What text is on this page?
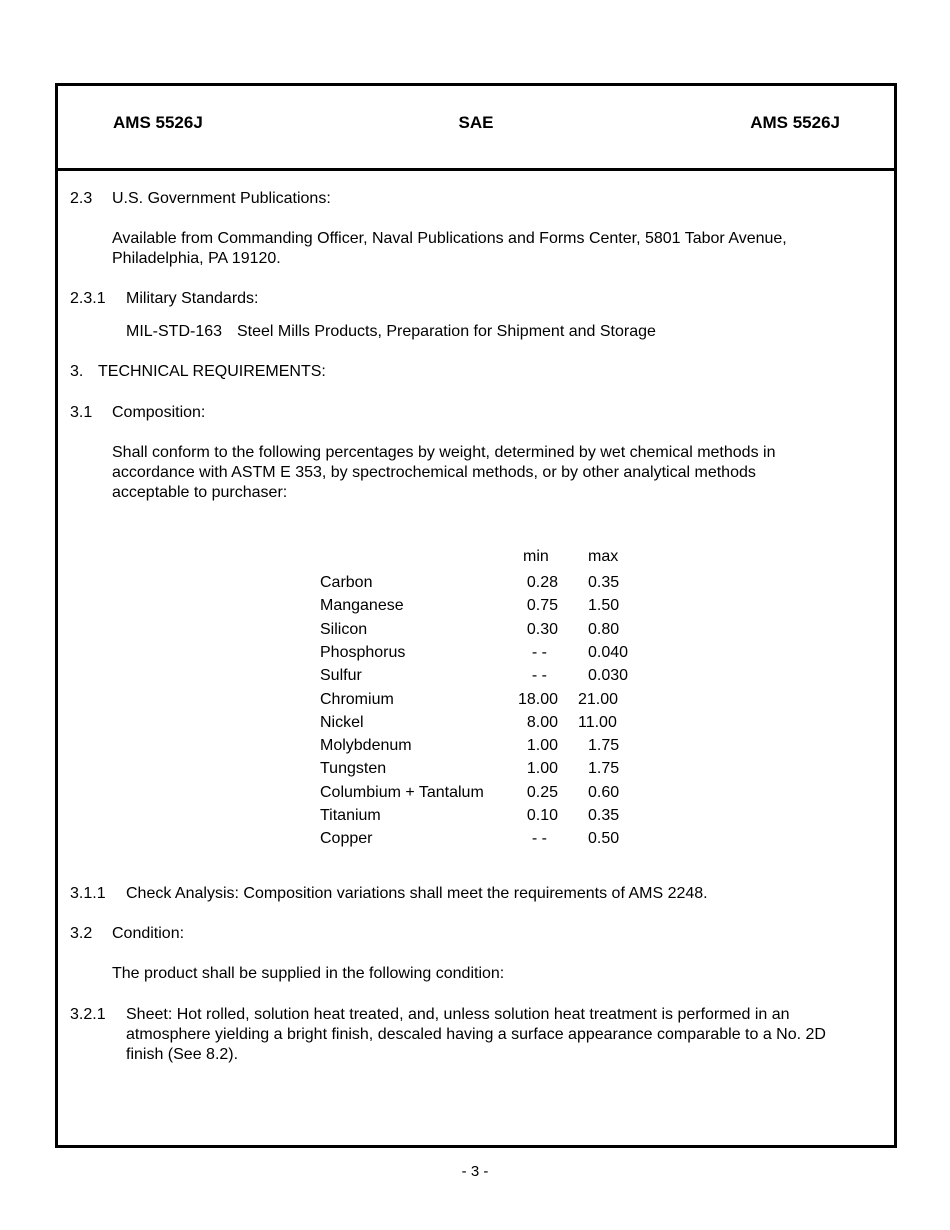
AMS 5526J	SAE	AMS 5526J
2.3 U.S. Government Publications:
Available from Commanding Officer, Naval Publications and Forms Center, 5801 Tabor Avenue,
Philadelphia, PA 19120.
2.3.1 Military Standards:
MIL-STD-163 Steel Mills Products, Preparation for Shipment and Storage
3. TECHNICAL REQUIREMENTS:
3.1 Composition:
Shall conform to the following percentages by weight, determined by wet chemical methods in
accordance with ASTM E 353, by spectrochemical methods, or by other analytical methods
acceptable to purchaser:
min max
Carbon	0.28 0.35
Manganese	0.75 1.50
Silicon	0.30 0.80
Phosphorus	- -	0.040
Sulfur	- -	0.030
Chromium	18.00 21.00
Nickel	8.00 11.00
Molybdenum	1.00 1.75
Tungsten	1.00 1.75
Columbium + Tantalum	0.25 0.60
Titanium	0.10 0.35
Copper	- -	0.50
3.1.1 Check Analysis: Composition variations shall meet the requirements of AMS 2248.
3.2 Condition:
The product shall be supplied in the following condition:
3.2.1 Sheet: Hot rolled, solution heat treated, and, unless solution heat treatment is performed in an
atmosphere yielding a bright finish, descaled having a surface appearance comparable to a No. 2D
finish (See 8.2).
- 3 -
